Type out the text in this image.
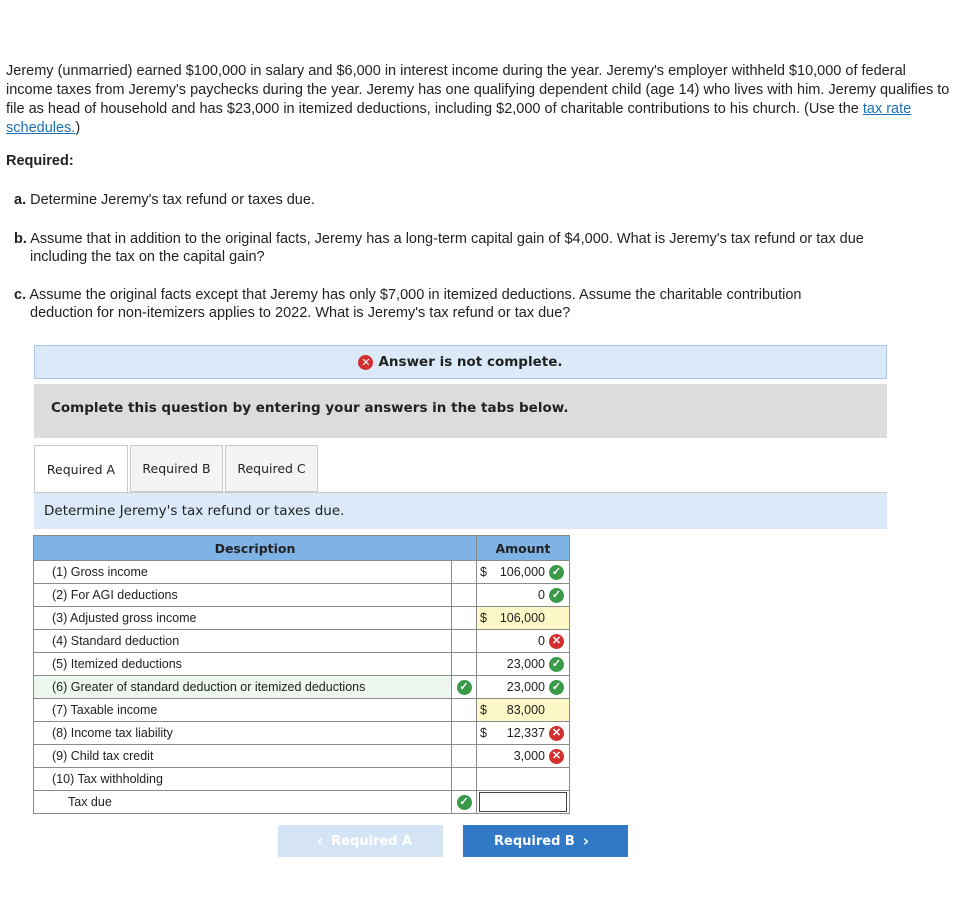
Jeremy (unmarried) earned $100,000 in salary and $6,000 in interest income during the year. Jeremy's employer withheld $10,000 of federal income taxes from Jeremy's paychecks during the year. Jeremy has one qualifying dependent child (age 14) who lives with him. Jeremy qualifies to file as head of household and has $23,000 in itemized deductions, including $2,000 of charitable contributions to his church. (Use the tax rate schedules.)
Required:
a. Determine Jeremy's tax refund or taxes due.
b. Assume that in addition to the original facts, Jeremy has a long-term capital gain of $4,000. What is Jeremy's tax refund or tax due
including the tax on the capital gain?
c. Assume the original facts except that Jeremy has only $7,000 in itemized deductions. Assume the charitable contribution
deduction for non-itemizers applies to 2022. What is Jeremy's tax refund or tax due?
✕ Answer is not complete.
Complete this question by entering your answers in the tabs below.
Required A	Required B	Required C
Determine Jeremy's tax refund or taxes due.
Description		Amount
(1) Gross income		$ 106,000 ✓

(2) For AGI deductions		0 ✓

(3) Adjusted gross income		$ 106,000

(4) Standard deduction		0 ✕

(5) Itemized deductions		23,000 ✓

(6) Greater of standard deduction or itemized deductions	✓	23,000 ✓

(7) Taxable income		$ 83,000

(8) Income tax liability		$ 12,337 ✕

(9) Child tax credit		3,000 ✕

(10) Tax withholding		

Tax due	✓	

‹ Required A	Required B ›
